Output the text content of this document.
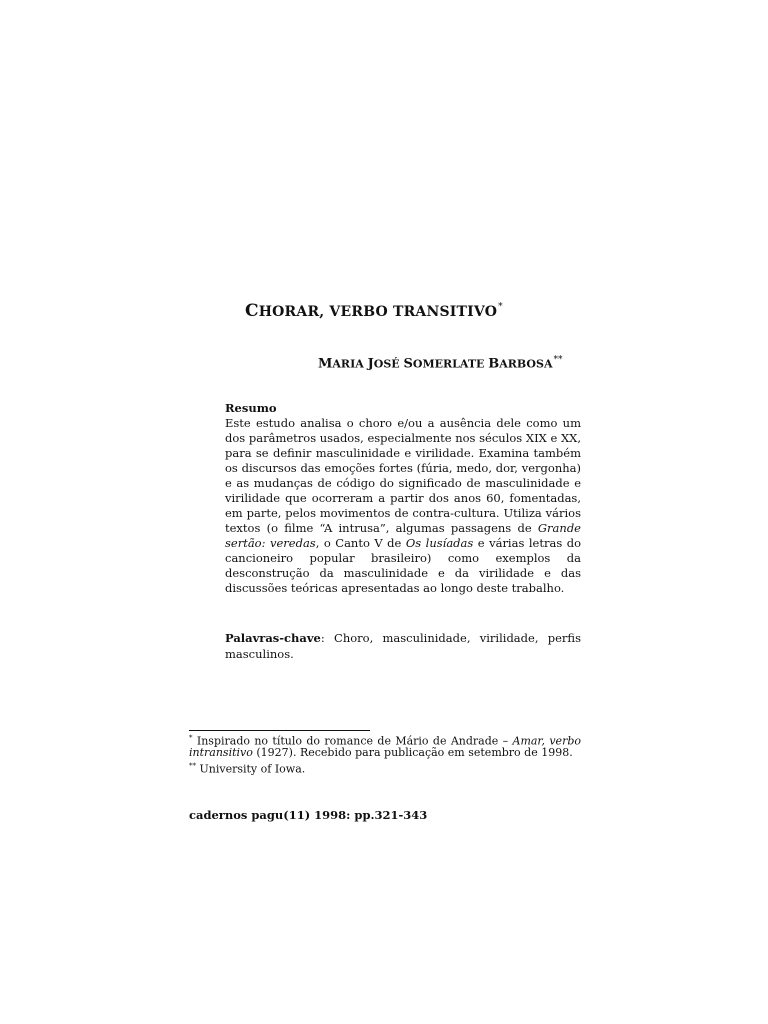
CHORAR, VERBO TRANSITIVO*
MARIA JOSÉ SOMERLATE BARBOSA**
Resumo
Este estudo analisa o choro e/ou a ausência dele como um dos parâmetros usados, especialmente nos séculos XIX e XX, para se definir masculinidade e virilidade. Examina também os discursos das emoções fortes (fúria, medo, dor, vergonha) e as mudanças de código do significado de masculinidade e virilidade que ocorreram a partir dos anos 60, fomentadas, em parte, pelos movimentos de contra-cultura. Utiliza vários textos (o filme “A intrusa”, algumas passagens de Grande sertão: veredas, o Canto V de Os lusíadas e várias letras do cancioneiro popular brasileiro) como exemplos da desconstrução da masculinidade e da virilidade e das discussões teóricas apresentadas ao longo deste trabalho.
Palavras-chave: Choro, masculinidade, virilidade, perfis masculinos.

* Inspirado no título do romance de Mário de Andrade – Amar, verbo intransitivo (1927). Recebido para publicação em setembro de 1998.

** University of Iowa.

cadernos pagu(11) 1998: pp.321-343
